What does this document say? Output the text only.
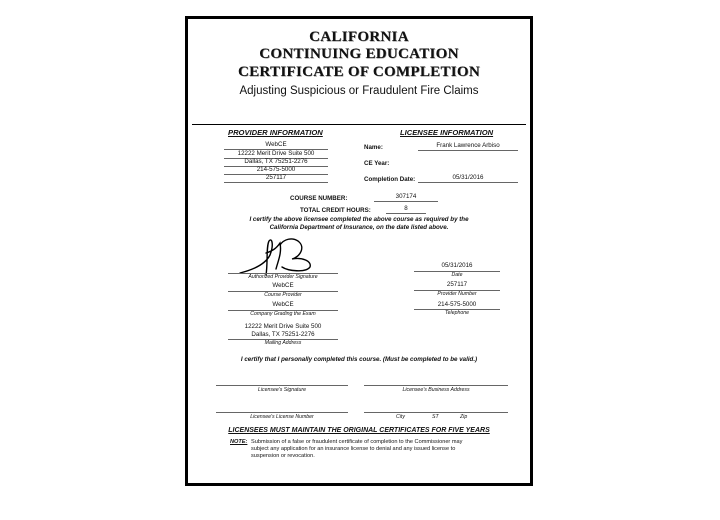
CALIFORNIA
CONTINUING EDUCATION
CERTIFICATE OF COMPLETION
Adjusting Suspicious or Fraudulent Fire Claims
PROVIDER INFORMATION	LICENSEE INFORMATION
WebCE
12222 Merit Drive Suite 500
Dallas, TX 75251-2276
214-575-5000
257117
Name:	Frank Lawrence Arbiso
CE Year:
Completion Date:	05/31/2016
COURSE NUMBER:	307174
TOTAL CREDIT HOURS:	8
I certify the above licensee completed the above course as required by the
California Department of Insurance, on the date listed above.
Authorized Provider Signature
WebCE
Course Provider
WebCE
Company Grading the Exam
12222 Merit Drive Suite 500
Dallas, TX 75251-2276
Mailing Address
05/31/2016
Date
257117
Provider Number
214-575-5000
Telephone
I certify that I personally completed this course. (Must be completed to be valid.)
Licensee's Signature	Licensee's Business Address
Licensee's License Number	City	ST	Zip
LICENSEES MUST MAINTAIN THE ORIGINAL CERTIFICATES FOR FIVE YEARS
NOTE: Submission of a false or fraudulent certificate of completion to the Commissioner may
subject any application for an insurance license to denial and any issued license to
suspension or revocation.
